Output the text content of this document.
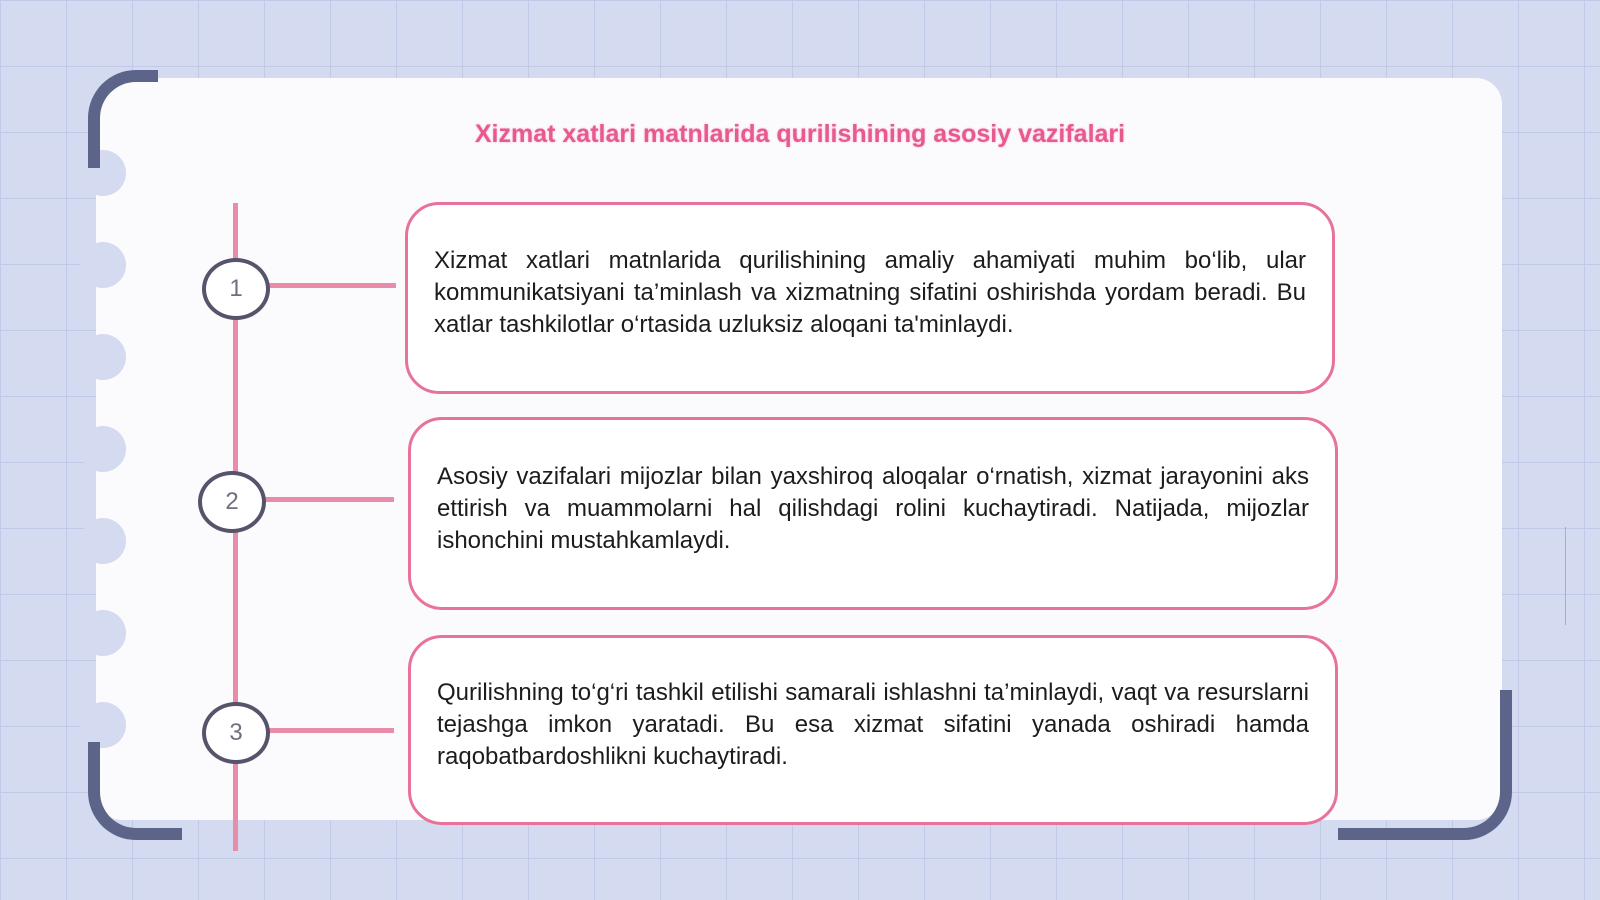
Xizmat xatlari matnlarida qurilishining asosiy vazifalari
1
2
3

Xizmat xatlari matnlarida qurilishining amaliy ahamiyati muhim bo‘lib, ular kommunikatsiyani ta’minlash va xizmatning sifatini oshirishda yordam beradi. Bu xatlar tashkilotlar o‘rtasida uzluksiz aloqani ta'minlaydi.

Asosiy vazifalari mijozlar bilan yaxshiroq aloqalar o‘rnatish, xizmat jarayonini aks ettirish va muammolarni hal qilishdagi rolini kuchaytiradi. Natijada, mijozlar ishonchini mustahkamlaydi.

Qurilishning to‘g‘ri tashkil etilishi samarali ishlashni ta’minlaydi, vaqt va resurslarni tejashga imkon yaratadi. Bu esa xizmat sifatini yanada oshiradi hamda raqobatbardoshlikni kuchaytiradi.
